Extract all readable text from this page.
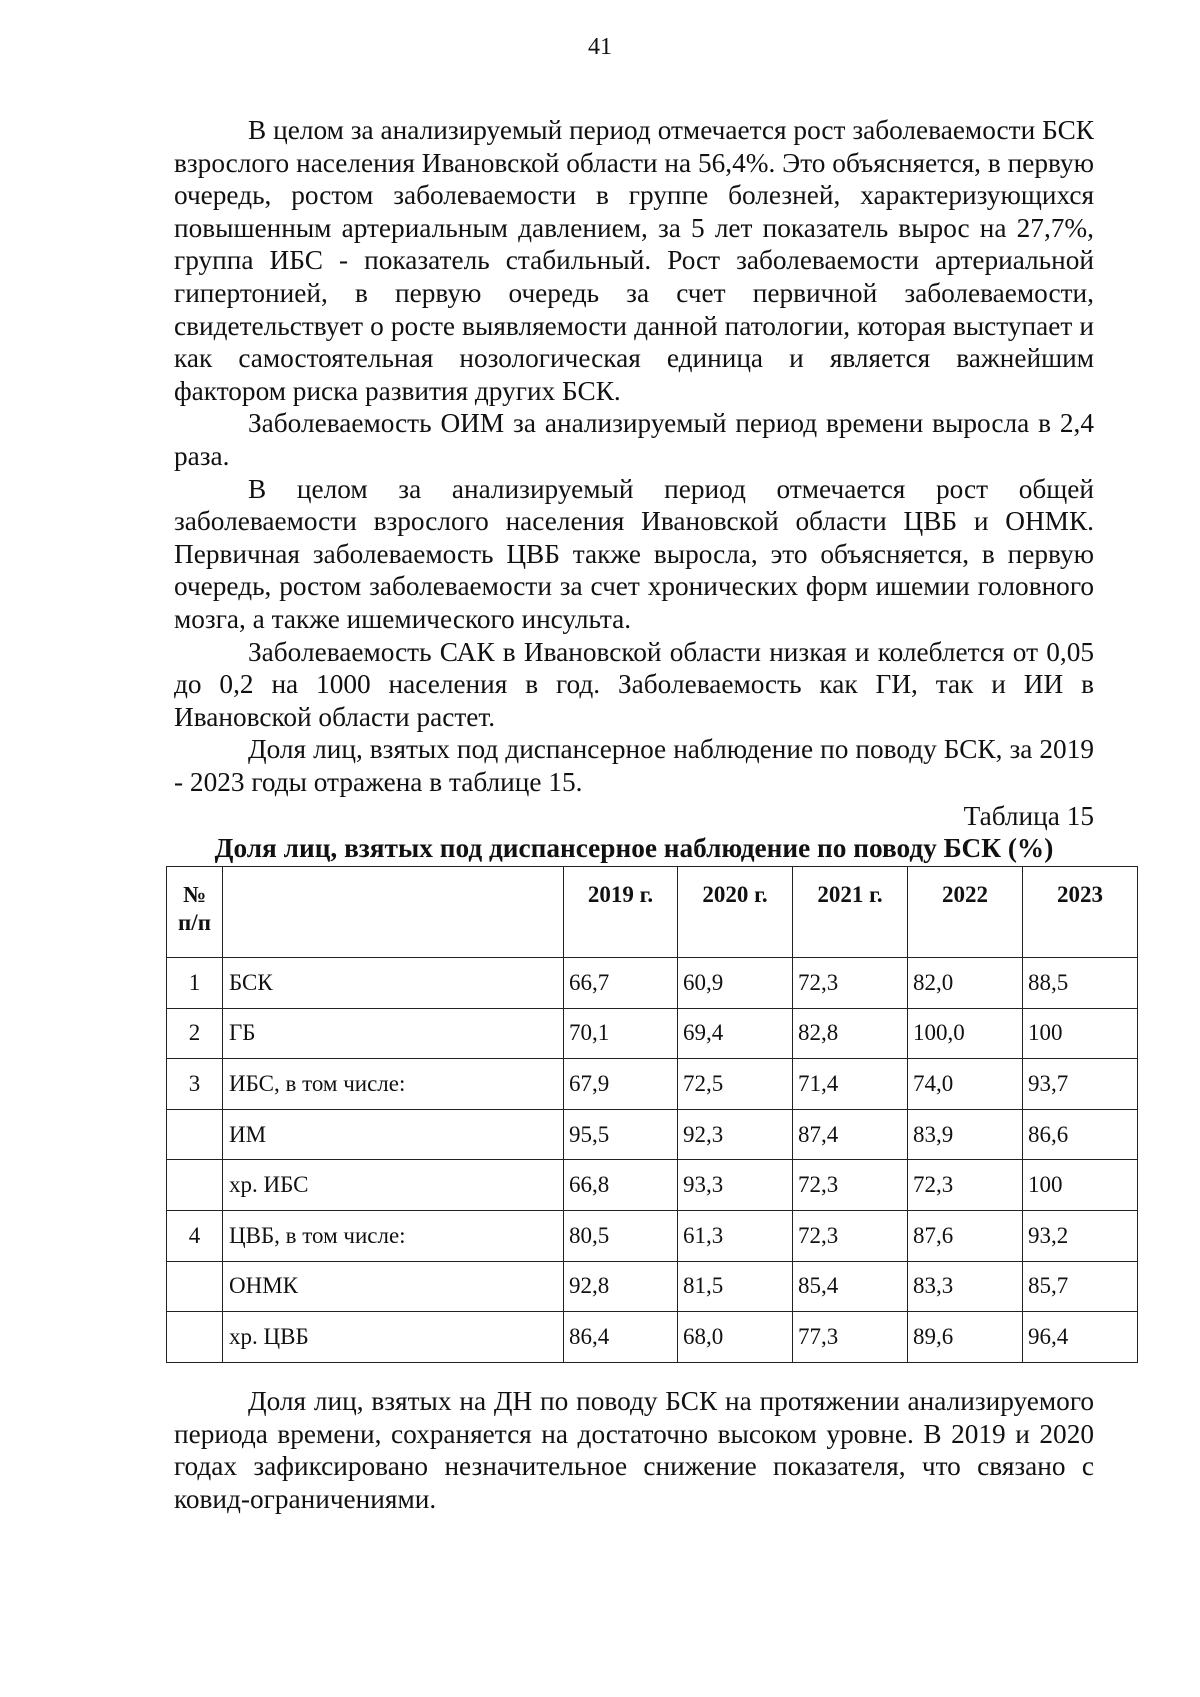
41

В целом за анализируемый период отмечается рост заболеваемости БСК взрослого населения Ивановской области на 56,4%. Это объясняется, в первую очередь, ростом заболеваемости в группе болезней, характеризующихся повышенным артериальным давлением, за 5 лет показатель вырос на 27,7%, группа ИБС - показатель стабильный. Рост заболеваемости артериальной гипертонией, в первую очередь за счет первичной заболеваемости, свидетельствует о росте выявляемости данной патологии, которая выступает и как самостоятельная нозологическая единица и является важнейшим фактором риска развития других БСК.

Заболеваемость ОИМ за анализируемый период времени выросла в 2,4 раза.

В целом за анализируемый период отмечается рост общей заболеваемости взрослого населения Ивановской области ЦВБ и ОНМК. Первичная заболеваемость ЦВБ также выросла, это объясняется, в первую очередь, ростом заболеваемости за счет хронических форм ишемии головного мозга, а также ишемического инсульта.

Заболеваемость САК в Ивановской области низкая и колеблется от 0,05 до 0,2 на 1000 населения в год. Заболеваемость как ГИ, так и ИИ в Ивановской области растет.

Доля лиц, взятых под диспансерное наблюдение по поводу БСК, за 2019 - 2023 годы отражена в таблице 15.

Таблица 15

Доля лиц, взятых под диспансерное наблюдение по поводу БСК (%)

№ п/п		2019 г.	2020 г.	2021 г.	2022	2023
1	БСК	66,7	60,9	72,3	82,0	88,5
2	ГБ	70,1	69,4	82,8	100,0	100
3	ИБС, в том числе:	67,9	72,5	71,4	74,0	93,7
	ИМ	95,5	92,3	87,4	83,9	86,6
	хр. ИБС	66,8	93,3	72,3	72,3	100
4	ЦВБ, в том числе:	80,5	61,3	72,3	87,6	93,2
	ОНМК	92,8	81,5	85,4	83,3	85,7
	хр. ЦВБ	86,4	68,0	77,3	89,6	96,4

Доля лиц, взятых на ДН по поводу БСК на протяжении анализируемого периода времени, сохраняется на достаточно высоком уровне. В 2019 и 2020 годах зафиксировано незначительное снижение показателя, что связано с ковид-ограничениями.
